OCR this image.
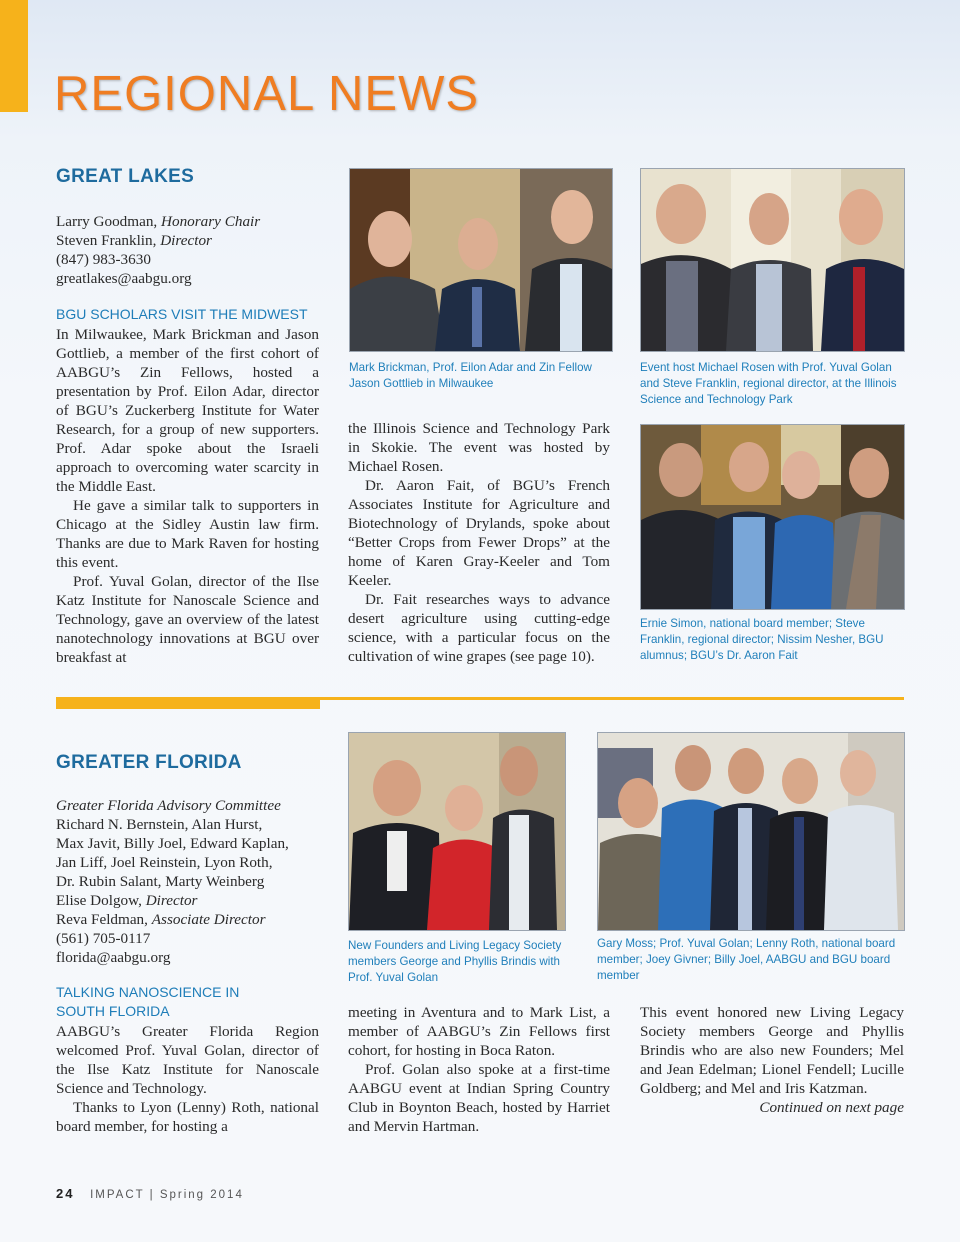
REGIONAL NEWS
GREAT LAKES
Larry Goodman, Honorary Chair
Steven Franklin, Director
(847) 983-3630
greatlakes@aabgu.org
BGU SCHOLARS VISIT THE MIDWEST

In Milwaukee, Mark Brickman and Jason Gottlieb, a member of the first cohort of AABGU’s Zin Fellows, hosted a presentation by Prof. Eilon Adar, director of BGU’s Zuckerberg Institute for Water Research, for a group of new supporters. Prof. Adar spoke about the Israeli approach to overcoming water scarcity in the Middle East.

He gave a similar talk to supporters in Chicago at the Sidley Austin law firm. Thanks are due to Mark Raven for hosting this event.

Prof. Yuval Golan, director of the Ilse Katz Institute for Nanoscale Science and Technology, gave an overview of the latest nanotechnology innovations at BGU over breakfast at

Mark Brickman, Prof. Eilon Adar and Zin Fellow Jason Gottlieb in Milwaukee
Event host Michael Rosen with Prof. Yuval Golan and Steve Franklin, regional director, at the Illinois Science and Technology Park

the Illinois Science and Technology Park in Skokie. The event was hosted by Michael Rosen.

Dr. Aaron Fait, of BGU’s French Associates Institute for Agriculture and Biotechnology of Drylands, spoke about “Better Crops from Fewer Drops” at the home of Karen Gray-Keeler and Tom Keeler.

Dr. Fait researches ways to advance desert agriculture using cutting-edge science, with a particular focus on the cultivation of wine grapes (see page 10).

Ernie Simon, national board member; Steve Franklin, regional director; Nissim Nesher, BGU alumnus; BGU’s Dr. Aaron Fait
GREATER FLORIDA
Greater Florida Advisory Committee
Richard N. Bernstein, Alan Hurst,
Max Javit, Billy Joel, Edward Kaplan,
Jan Liff, Joel Reinstein, Lyon Roth,
Dr. Rubin Salant, Marty Weinberg
Elise Dolgow, Director
Reva Feldman, Associate Director
(561) 705-0117
florida@aabgu.org
TALKING NANOSCIENCE IN
SOUTH FLORIDA

AABGU’s Greater Florida Region welcomed Prof. Yuval Golan, director of the Ilse Katz Institute for Nanoscale Science and Technology.

Thanks to Lyon (Lenny) Roth, national board member, for hosting a

New Founders and Living Legacy Society members George and Phyllis Brindis with Prof. Yuval Golan
Gary Moss; Prof. Yuval Golan; Lenny Roth, national board member; Joey Givner; Billy Joel, AABGU and BGU board member

meeting in Aventura and to Mark List, a member of AABGU’s Zin Fellows first cohort, for hosting in Boca Raton.

Prof. Golan also spoke at a first-time AABGU event at Indian Spring Country Club in Boynton Beach, hosted by Harriet and Mervin Hartman.

This event honored new Living Legacy Society members George and Phyllis Brindis who are also new Founders; Mel and Jean Edelman; Lionel Fendell; Lucille Goldberg; and Mel and Iris Katzman.

Continued on next page

24 IMPACT | Spring 2014
